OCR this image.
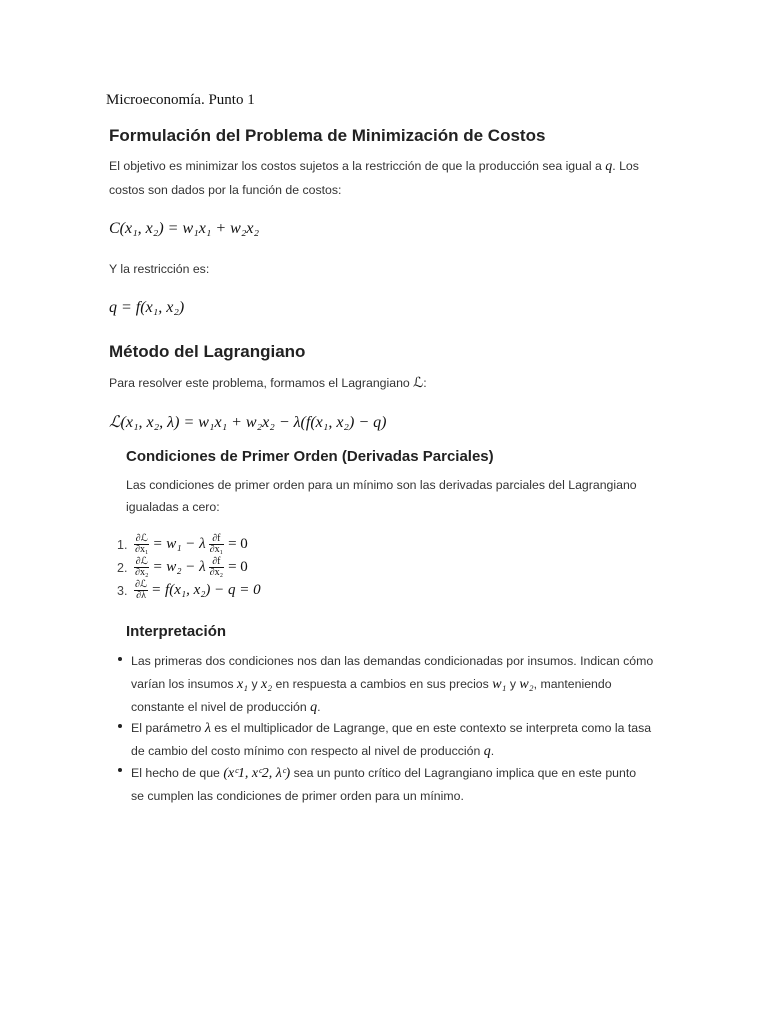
Microeconomía. Punto 1
Formulación del Problema de Minimización de Costos
El objetivo es minimizar los costos sujetos a la restricción de que la producción sea igual a q. Los
costos son dados por la función de costos:
C(x₁, x₂) = w₁x₁ + w₂x₂
Y la restricción es:
q = f(x₁, x₂)
Método del Lagrangiano
Para resolver este problema, formamos el Lagrangiano ℒ:
ℒ(x₁, x₂, λ) = w₁x₁ + w₂x₂ − λ(f(x₁, x₂) − q)
Condiciones de Primer Orden (Derivadas Parciales)
Las condiciones de primer orden para un mínimo son las derivadas parciales del Lagrangiano
igualadas a cero:
1. $\frac{\text{∂ℒ}}{\text{∂x₁}} = w_1 - \lambda \frac{\partial f}{\text{∂x₁}} = 0$
2. $\frac{\text{∂ℒ}}{\text{∂x₂}} = w_2 - \lambda \frac{\partial f}{\text{∂x₂}} = 0$
3. $\frac{\text{∂ℒ}}{\partial\lambda} = f(x_1$, x₂) − q = 0
Interpretación
Las primeras dos condiciones nos dan las demandas condicionadas por insumos. Indican cómo
varían los insumos x₁ y x₂ en respuesta a cambios en sus precios w₁ y w₂, manteniendo
constante el nivel de producción q.
El parámetro λ es el multiplicador de Lagrange, que en este contexto se interpreta como la tasa
de cambio del costo mínimo con respecto al nivel de producción q.
El hecho de que (xᶜ1, xᶜ2, λᶜ) sea un punto crítico del Lagrangiano implica que en este punto
se cumplen las condiciones de primer orden para un mínimo.
